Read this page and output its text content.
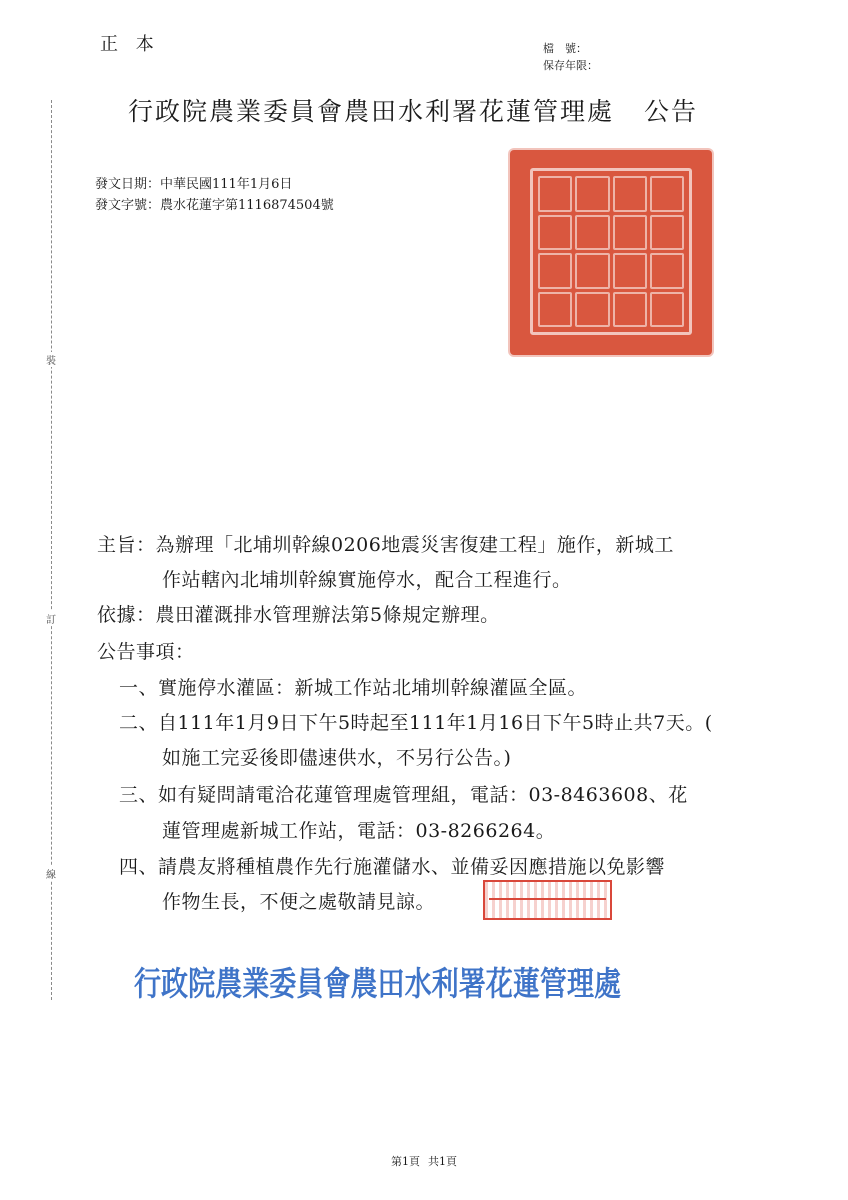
正 本	檔　號：
保存年限：
行政院農業委員會農田水利署花蓮管理處 公告
發文日期：中華民國111年1月6日
發文字號：農水花蓮字第1116874504號
裝
訂
線
主旨：為辦理「北埔圳幹線0206地震災害復建工程」施作，新城工
作站轄內北埔圳幹線實施停水，配合工程進行。
依據：農田灌溉排水管理辦法第5條規定辦理。
公告事項：
一、實施停水灌區：新城工作站北埔圳幹線灌區全區。
二、自111年1月9日下午5時起至111年1月16日下午5時止共7天。(
如施工完妥後即儘速供水，不另行公告。)
三、如有疑問請電洽花蓮管理處管理組，電話：03-8463608、花
蓮管理處新城工作站，電話：03-8266264。
四、請農友將種植農作先行施灌儲水、並備妥因應措施以免影響
作物生長，不便之處敬請見諒。
行政院農業委員會農田水利署花蓮管理處
第1頁 共1頁
